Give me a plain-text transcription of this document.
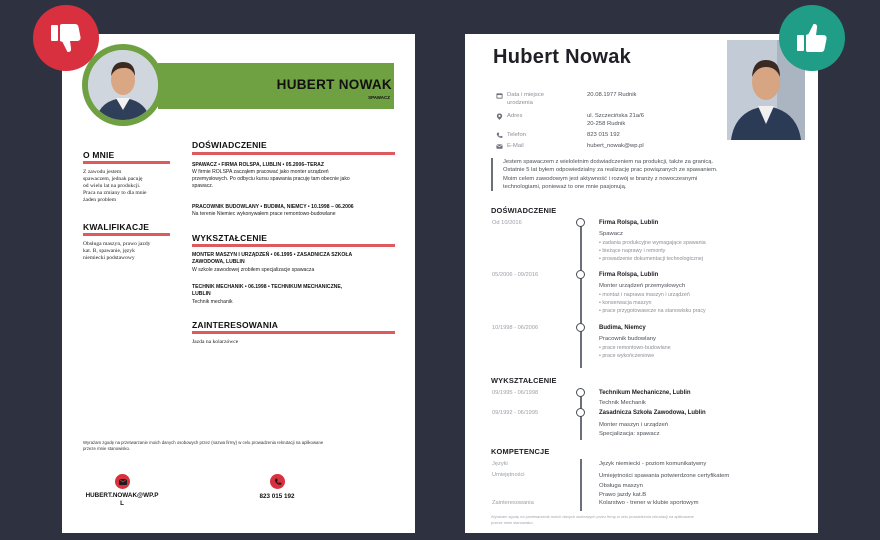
HUBERT NOWAK
SPAWACZ
O MNIE
Z zawodu jestem
spawaczem, jednak pacuję
od wielu lat na produkcji.
Praca na zmiany to dla mnie
żaden problem
KWALIFIKACJE
Obsługa maszyn, prawo jazdy
kat. B, spawanie, język
niemiecki podstawowy
DOŚWIADCZENIE
SPAWACZ • FIRMA ROLSPA, LUBLIN • 05.2006–TERAZ
W firmie ROLSPA zacząłem pracować jako monter urządzeń
przemysłowych. Po odbyciu kursu spawania pracuję tam obecnie jako
spawacz.
PRACOWNIK BUDOWLANY • BUDIMA, NIEMCY • 10.1998 – 06.2006
Na terenie Niemiec wykonywałem prace remontowo-budowlane
WYKSZTAŁCENIE
MONTER MASZYN I URZĄDZEŃ • 06.1995 • ZASADNICZA SZKOŁA
ZAWODOWA, LUBLIN
W szkole zawodowej zrobiłem specjalizacje spawacza
TECHNIK MECHANIK • 06.1998 • TECHNIKUM MECHANICZNE,
LUBLIN
Technik mechanik
ZAINTERESOWANIA
Jazda na kolarzówce
Wyrażam zgodę na przetwarzanie moich danych osobowych przez (nazwa firmy) w celu prowadzenia rekrutacji na aplikowane
przeze mnie stanowisko.
HUBERT.NOWAK@WP.P
L
823 015 192
Hubert Nowak
Data i miejsce
urodzenia
20.08.1977 Rudnik
Adres	ul. Szczecińska 21a/6
20-258 Rudnik
Telefon	823 015 192
E-Mail	hubert_nowak@wp.pl
Jestem spawaczem z wieloletnim doświadczeniem na produkcji, także za granicą.
Ostatnie 5 lat byłem odpowiedzialny za realizację prac powiązanych ze spawaniem.
Moim celem zawodowym jest aktywność i rozwój w branży z nowoczesnymi
technologiami, ponieważ to one mnie pasjonują.
DOŚWIADCZENIE
Od 10/2016	Firma Rolspa, Lublin
Spawacz
• zadania produkcyjne wymagające spawania
• bieżące naprawy i remonty
• prowadzenie dokumentacji technologicznej
05/2006 - 09/2016	Firma Rolspa, Lublin
Monter urządzeń przemysłowych
• montaż i naprawa maszyn i urządzeń
• konserwacja maszyn
• prace przygotowawcze na stanowisku pracy
10/1998 - 06/2006	Budima, Niemcy
Pracownik budowlany
• prace remontowo-budowlane
• prace wykończeniowe
WYKSZTAŁCENIE
09/1995 - 06/1998	Technikum Mechaniczne, Lublin
Technik Mechanik
09/1992 - 06/1995	Zasadnicza Szkoła Zawodowa, Lublin
Monter maszyn i urządzeń
Specjalizacja: spawacz
KOMPETENCJE
Języki	Język niemiecki - poziom komunikatywny
Umiejętności	Umiejętności spawania potwierdzone certyfikatem
Obsługa maszyn
Prawo jazdy kat.B
Zainteresowania	Kolarstwo - trener w klubie sportowym
Wyrażam zgodę na przetwarzanie moich danych osobowych przez firmę w celu prowadzenia rekrutacji na aplikowane
przeze mnie stanowisko.
